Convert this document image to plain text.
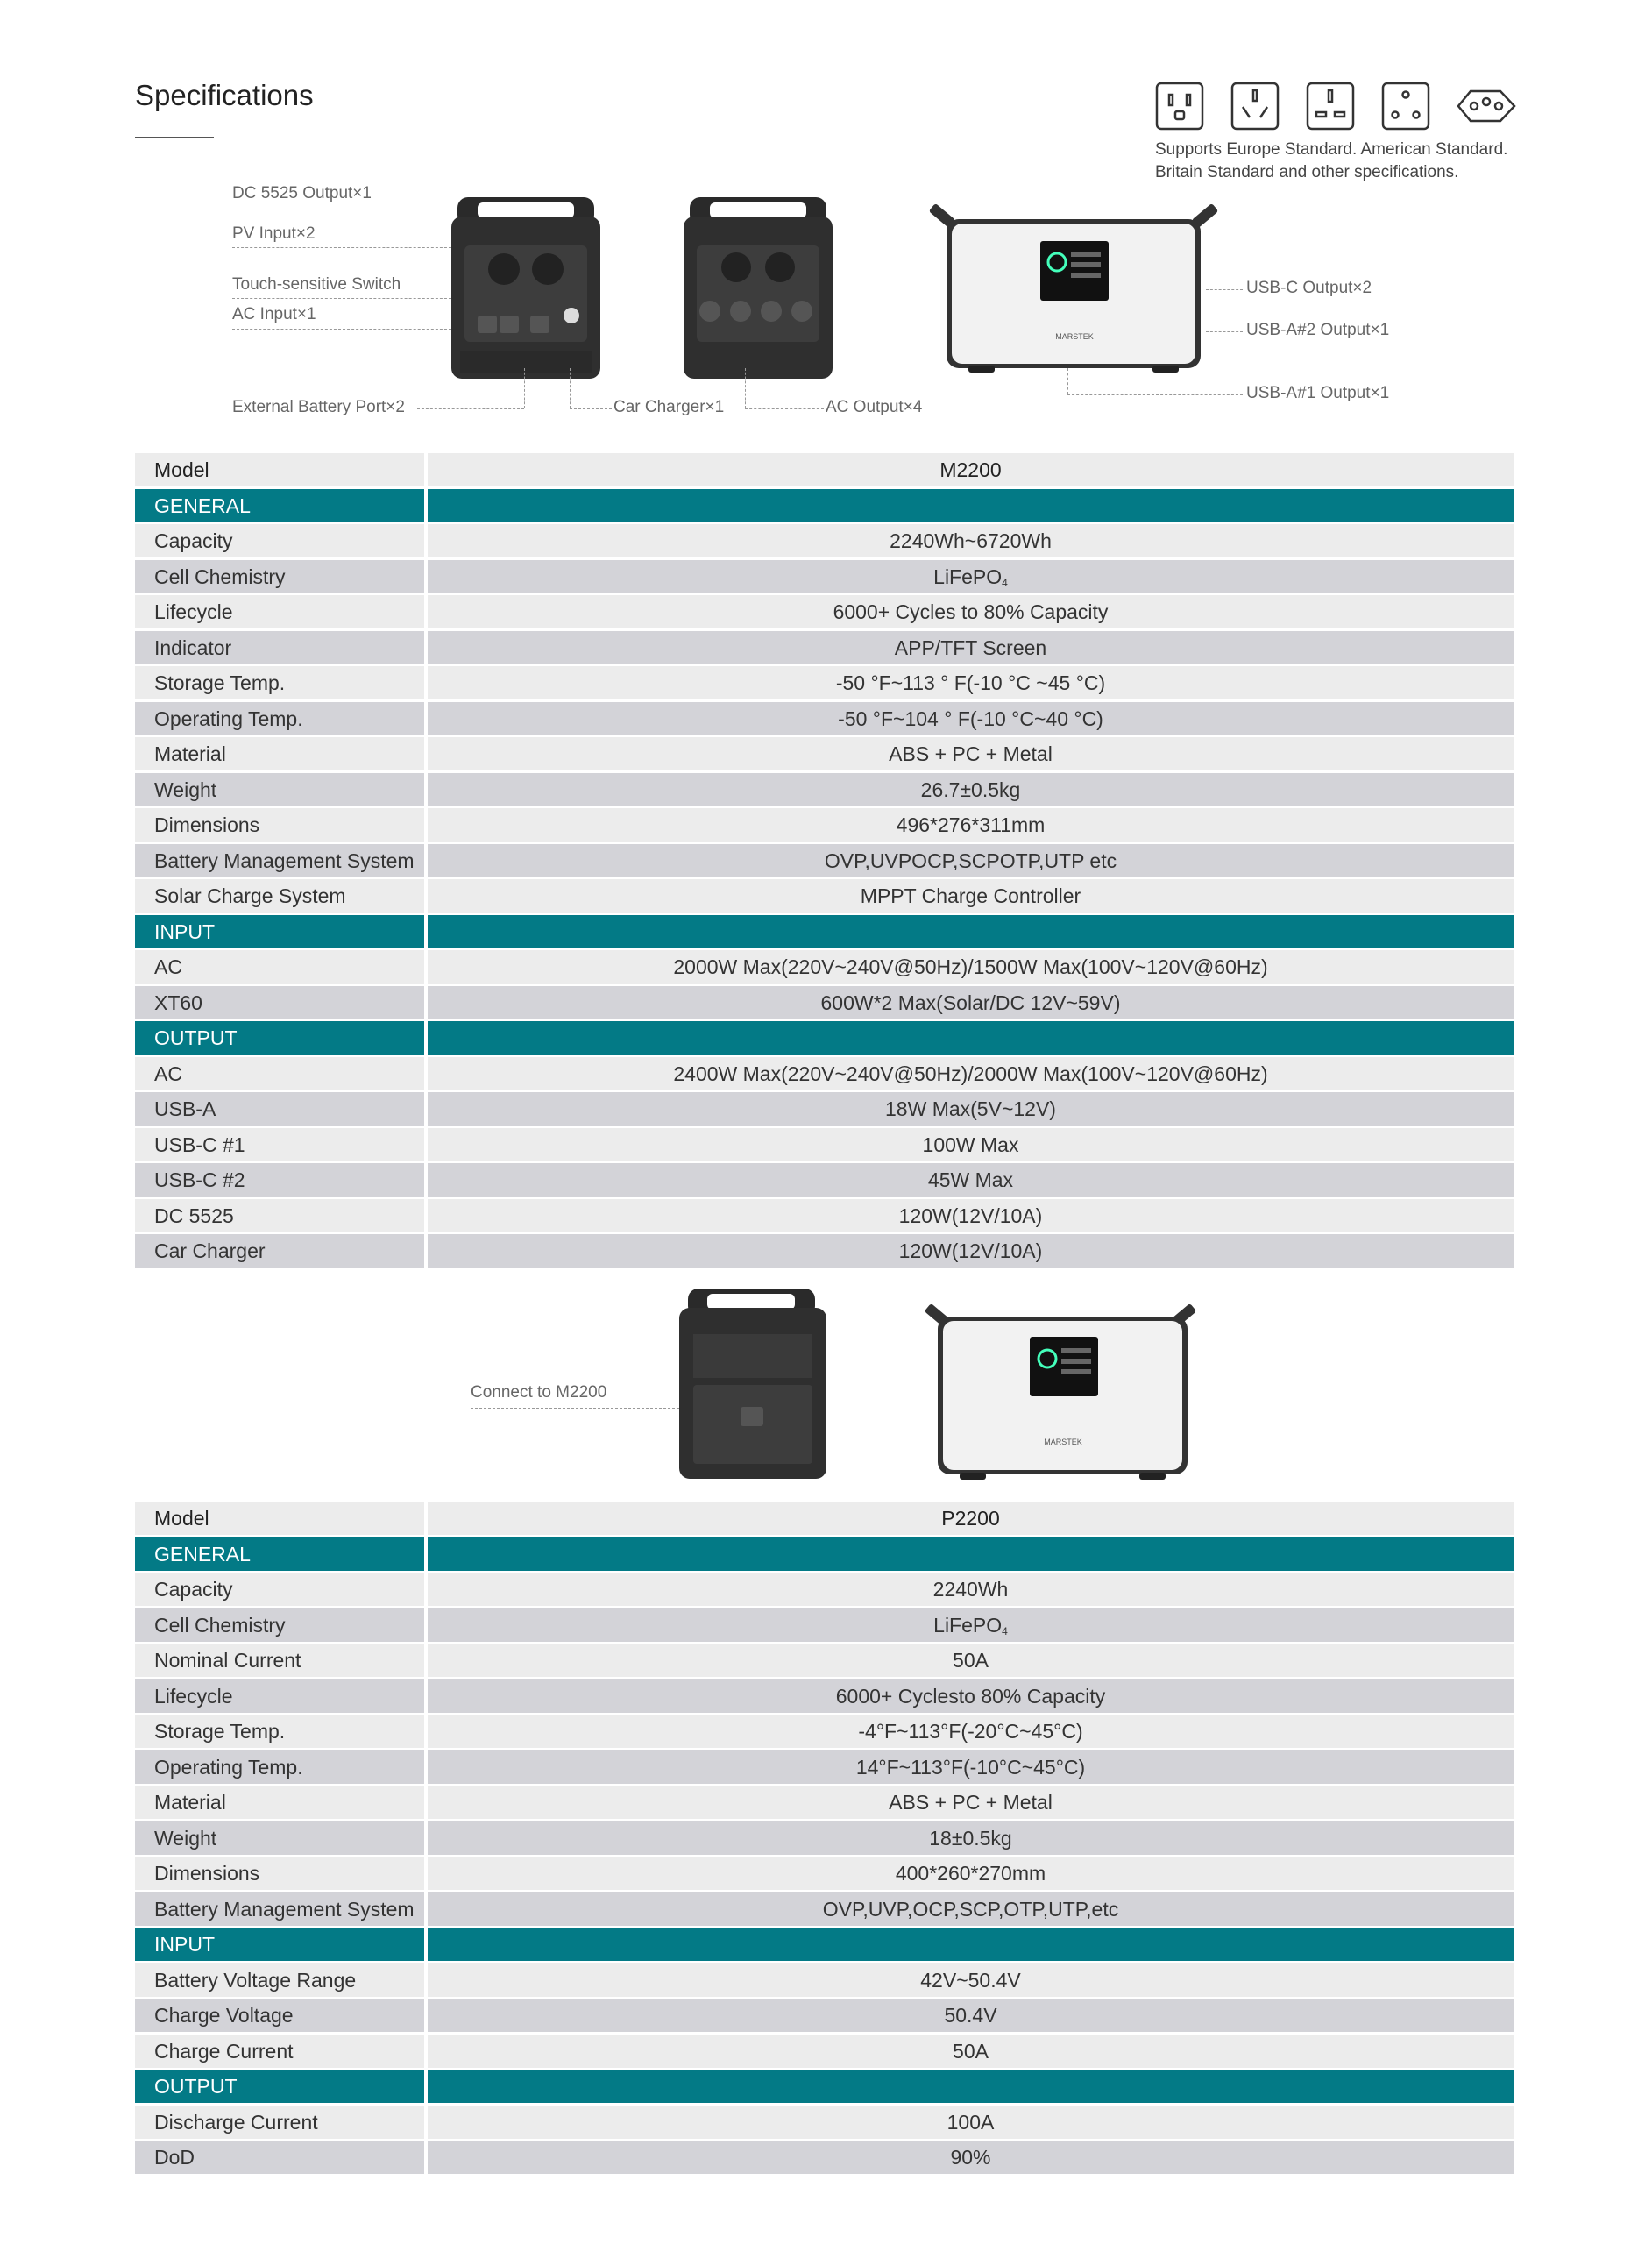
Specifications
Supports Europe Standard. American Standard.
Britain Standard and other specifications.
MARSTEK
DC 5525 Output×1
PV Input×2
Touch-sensitive Switch
AC Input×1
External Battery Port×2	Car Charger×1	AC Output×4
USB-C Output×2
USB-A#2 Output×1
USB-A#1 Output×1
Model	M2200
GENERAL
Capacity	2240Wh~6720Wh
Cell Chemistry	LiFePO$_4$
Lifecycle	6000+ Cycles to 80% Capacity
Indicator	APP/TFT Screen
Storage Temp.	-50 °F~113 ° F(-10 °C ~45 °C)
Operating Temp.	-50 °F~104 ° F(-10 °C~40 °C)
Material	ABS + PC + Metal
Weight	26.7±0.5kg
Dimensions	496*276*311mm
Battery Management System	OVP,UVPOCP,SCPOTP,UTP etc
Solar Charge System	MPPT Charge Controller
INPUT
AC	2000W Max(220V~240V@50Hz)/1500W Max(100V~120V@60Hz)
XT60	600W*2 Max(Solar/DC 12V~59V)
OUTPUT
AC	2400W Max(220V~240V@50Hz)/2000W Max(100V~120V@60Hz)
USB-A	18W Max(5V~12V)
USB-C #1	100W Max
USB-C #2	45W Max
DC 5525	120W(12V/10A)
Car Charger	120W(12V/10A)
MARSTEK
Connect to M2200
Model	P2200
GENERAL
Capacity	2240Wh
Cell Chemistry	LiFePO$_4$
Nominal Current	50A
Lifecycle	6000+ Cyclesto 80% Capacity
Storage Temp.	-4°F~113°F(-20°C~45°C)
Operating Temp.	14°F~113°F(-10°C~45°C)
Material	ABS + PC + Metal
Weight	18±0.5kg
Dimensions	400*260*270mm
Battery Management System	OVP,UVP,OCP,SCP,OTP,UTP,etc
INPUT
Battery Voltage Range	42V~50.4V
Charge Voltage	50.4V
Charge Current	50A
OUTPUT
Discharge Current	100A
DoD	90%
